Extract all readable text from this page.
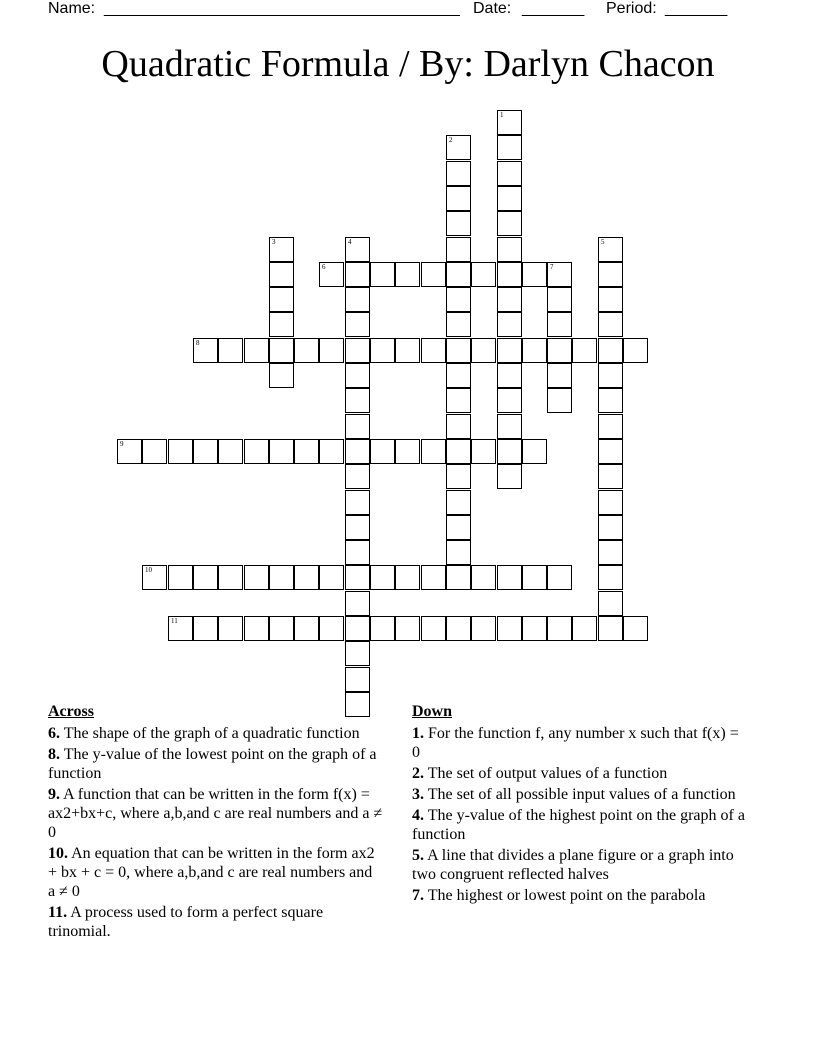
Name: ________________________________________ Date: _______ Period: _______
Quadratic Formula / By: Darlyn Chacon
1
2
3	4	5
6	7
8
9
10
11
Across
6. The shape of the graph of a quadratic function
8. The y-value of the lowest point on the graph of a function
9. A function that can be written in the form f(x) = ax2+bx+c, where a,b,and c are real numbers and a ≠ 0
10. An equation that can be written in the form ax2 + bx + c = 0, where a,b,and c are real numbers and a ≠ 0
11. A process used to form a perfect square trinomial.
Down
1. For the function f, any number x such that f(x) = 0
2. The set of output values of a function
3. The set of all possible input values of a function
4. The y-value of the highest point on the graph of a function
5. A line that divides a plane figure or a graph into two congruent reflected halves
7. The highest or lowest point on the parabola
